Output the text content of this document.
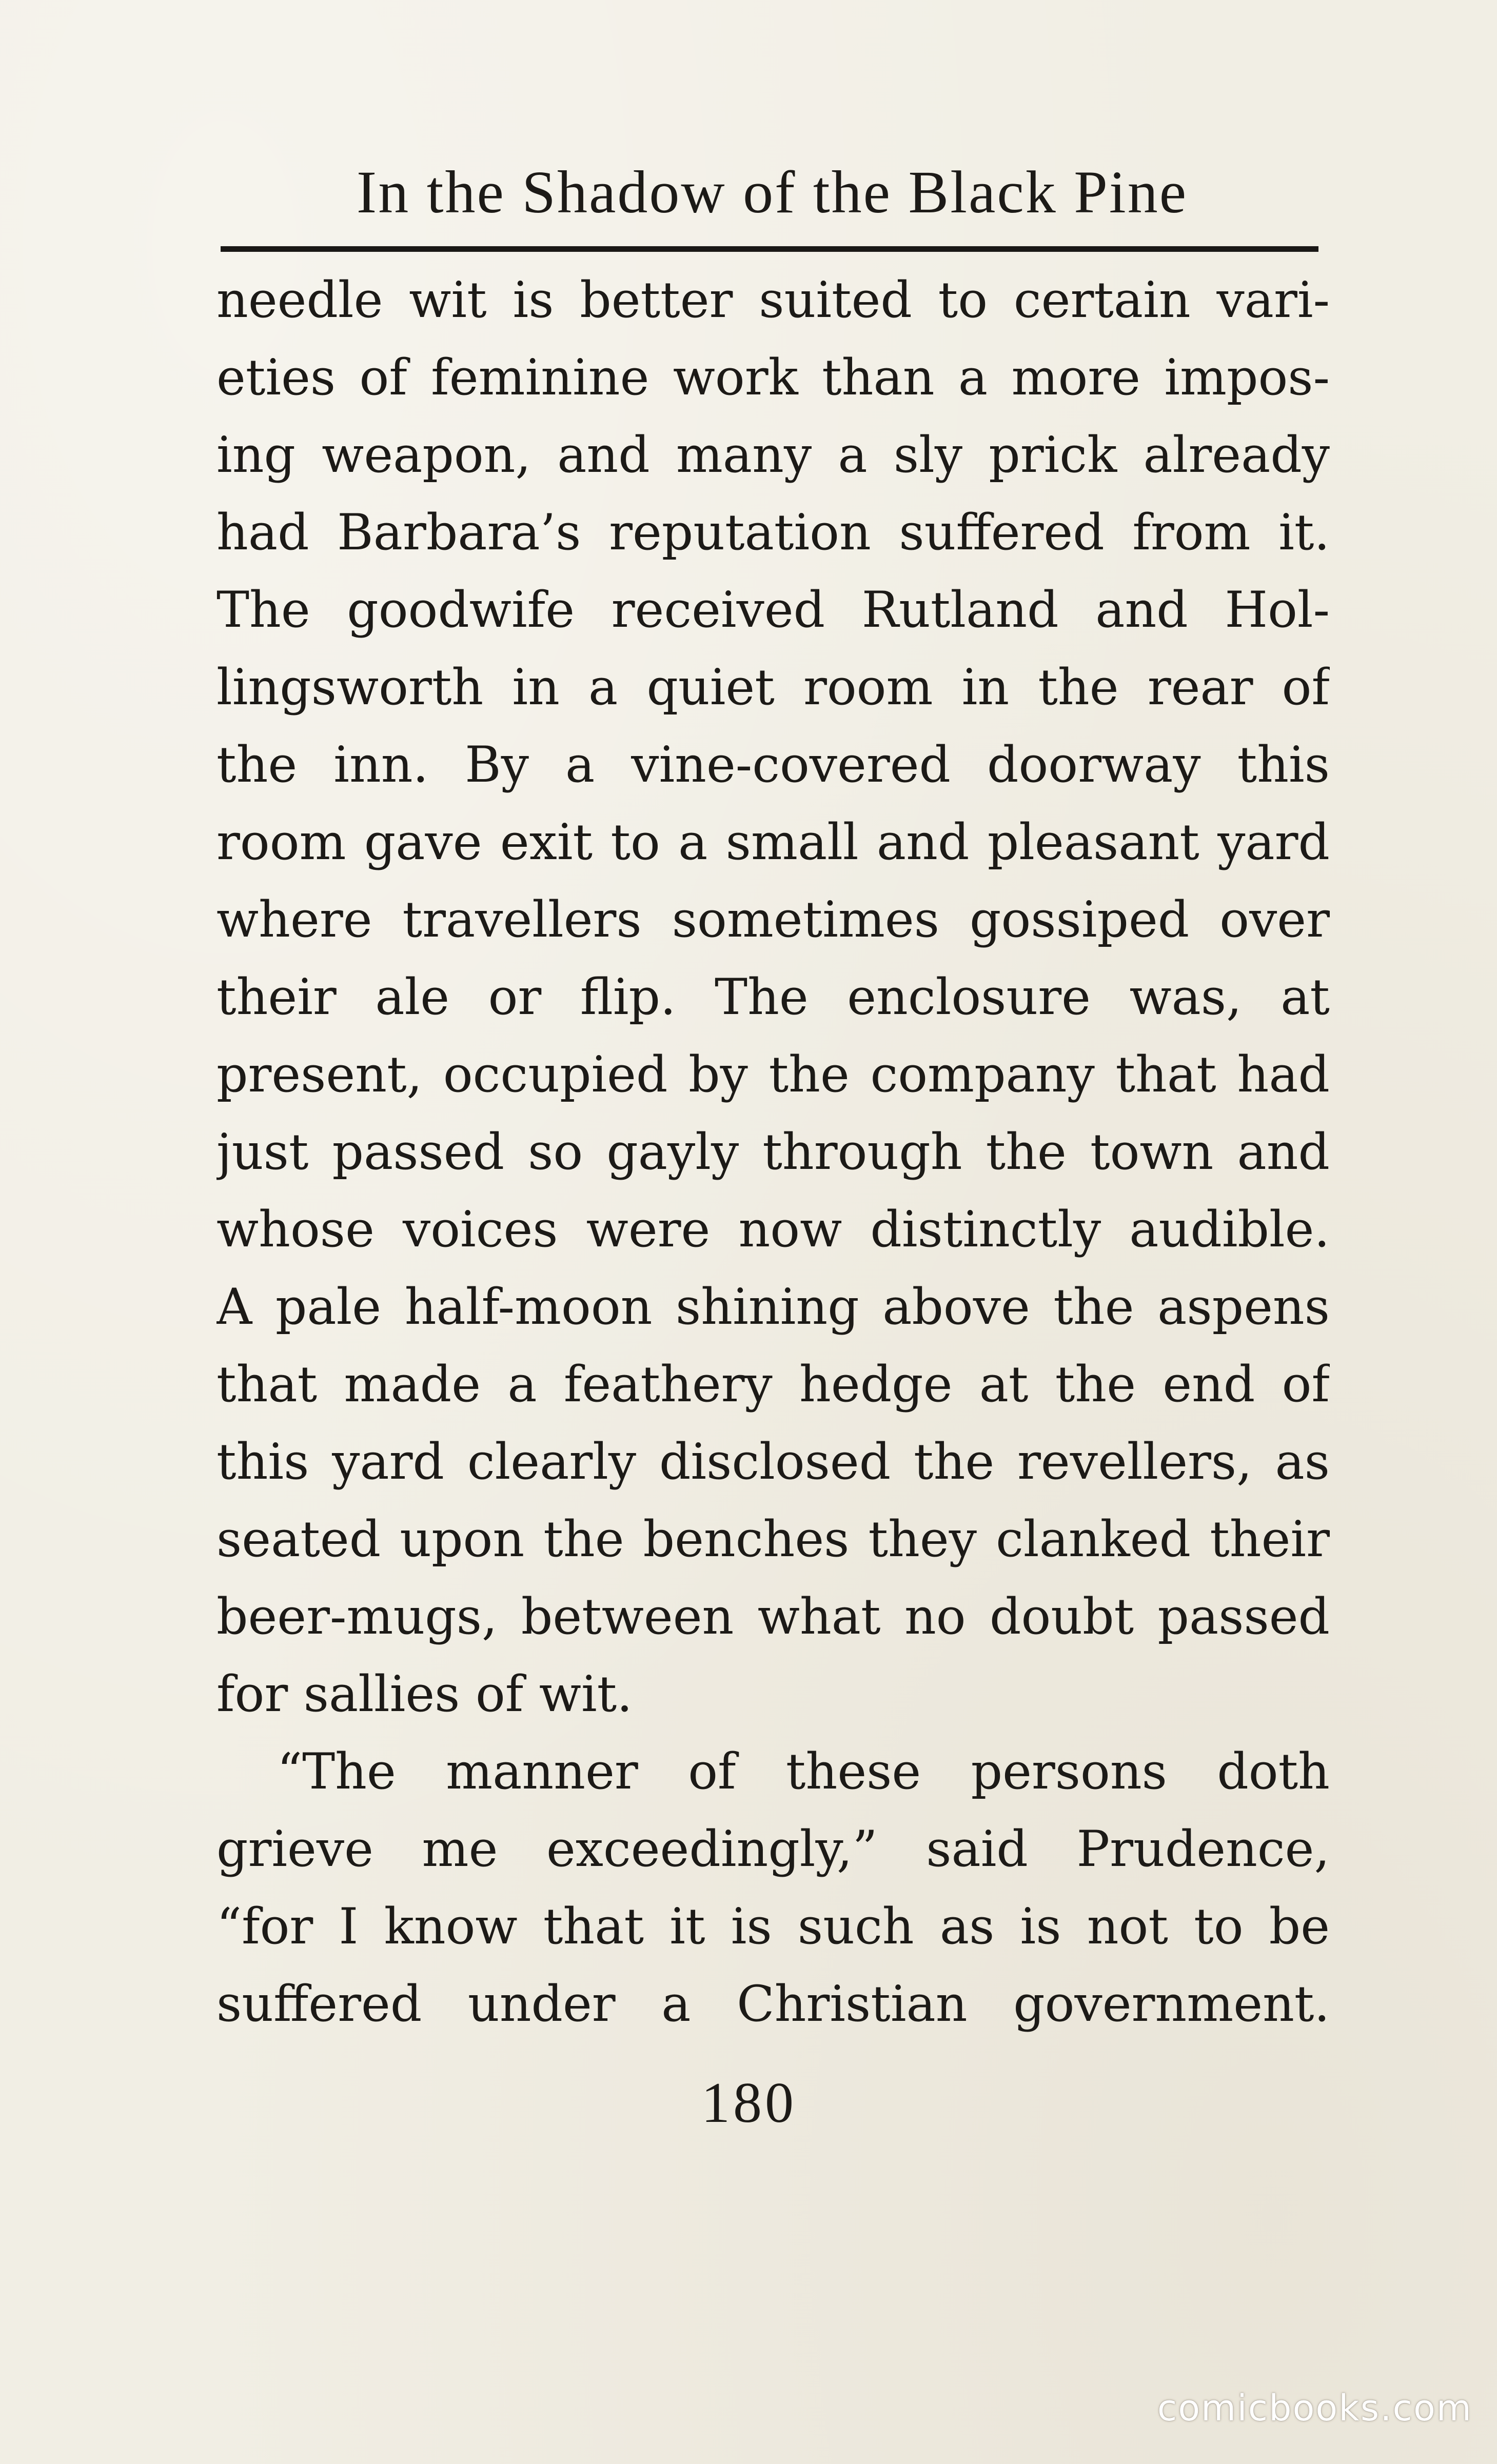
In the Shadow of the Black Pine
needle wit is better suited to certain vari-
eties of feminine work than a more impos-
ing weapon, and many a sly prick already
had Barbara’s reputation suffered from it.
The goodwife received Rutland and Hol-
lingsworth in a quiet room in the rear of
the inn. By a vine-covered doorway this
room gave exit to a small and pleasant yard
where travellers sometimes gossiped over
their ale or flip. The enclosure was, at
present, occupied by the company that had
just passed so gayly through the town and
whose voices were now distinctly audible.
A pale half-moon shining above the aspens
that made a feathery hedge at the end of
this yard clearly disclosed the revellers, as
seated upon the benches they clanked their
beer-mugs, between what no doubt passed
for sallies of wit.
“The manner of these persons doth
grieve me exceedingly,” said Prudence,
“for I know that it is such as is not to be
suffered under a Christian government.
180
comicbooks.com
